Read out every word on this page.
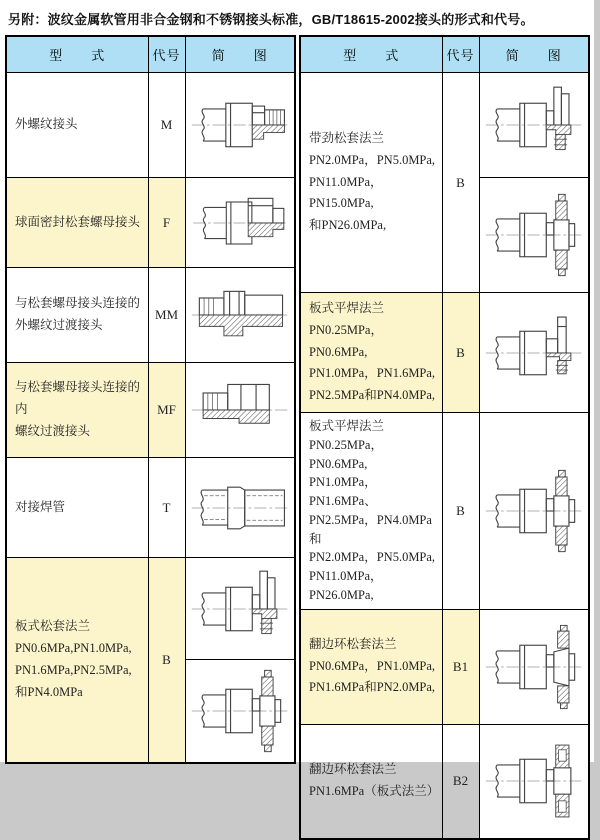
另附：波纹金属软管用非合金钢和不锈钢接头标准，GB/T18615-2002接头的形式和代号。

型　　式	代号	简　　图
外螺纹接头	M	

球面密封松套螺母接头	F	

与松套螺母接头连接的
外螺纹过渡接头	MM	

与松套螺母接头连接的内
螺纹过渡接头	MF	

对接焊管	T	

板式松套法兰
PN0.6MPa,PN1.0MPa,
PN1.6MPa,PN2.5MPa,
和PN4.0MPa	B	

型　　式	代号	简　　图
带劲松套法兰
PN2.0MPa，PN5.0MPa,
PN11.0MPa，PN15.0MPa,
和PN26.0MPa,	B	

板式平焊法兰
PN0.25MPa，PN0.6MPa,
PN1.0MPa，PN1.6MPa,
PN2.5MPa和PN4.0MPa,	B	

板式平焊法兰
PN0.25MPa，PN0.6MPa,
PN1.0MPa，PN1.6MPa、
PN2.5MPa，PN4.0MPa和
PN2.0MPa，PN5.0MPa,
PN11.0MPa，PN26.0MPa,	B	

翻边环松套法兰
PN0.6MPa，PN1.0MPa,
PN1.6MPa和PN2.0MPa,	B1	

翻边环松套法兰
PN1.6MPa（板式法兰）	B2	
